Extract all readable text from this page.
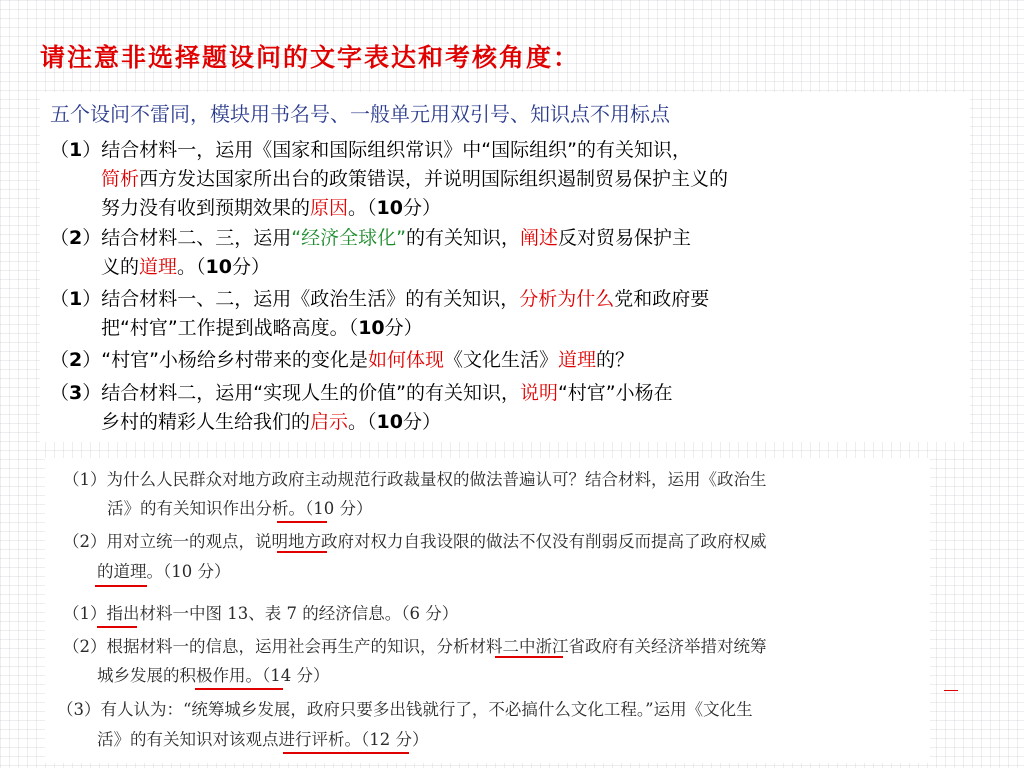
请注意非选择题设问的文字表达和考核角度：
五个设问不雷同，模块用书名号、一般单元用双引号、知识点不用标点
（1）结合材料一，运用《国家和国际组织常识》中“国际组织”的有关知识，
简析西方发达国家所出台的政策错误，并说明国际组织遏制贸易保护主义的
努力没有收到预期效果的原因。（10分）
（2）结合材料二、三，运用“经济全球化”的有关知识，阐述反对贸易保护主
义的道理。（10分）
（1）结合材料一、二，运用《政治生活》的有关知识，分析为什么党和政府要
把“村官”工作提到战略高度。（10分）
（2）“村官”小杨给乡村带来的变化是如何体现《文化生活》道理的？
（3）结合材料二，运用“实现人生的价值”的有关知识，说明“村官”小杨在
乡村的精彩人生给我们的启示。（10分）
（1）为什么人民群众对地方政府主动规范行政裁量权的做法普遍认可？结合材料，运用《政治生
活》的有关知识作出分析。（10 分）
（2）用对立统一的观点，说明地方政府对权力自我设限的做法不仅没有削弱反而提高了政府权威
的道理。（10 分）
（1）指出材料一中图 13、表 7 的经济信息。（6 分）
（2）根据材料一的信息，运用社会再生产的知识，分析材料二中浙江省政府有关经济举措对统筹
城乡发展的积极作用。（14 分）
（3）有人认为：“统筹城乡发展，政府只要多出钱就行了，不必搞什么文化工程。”运用《文化生
活》的有关知识对该观点进行评析。（12 分）
